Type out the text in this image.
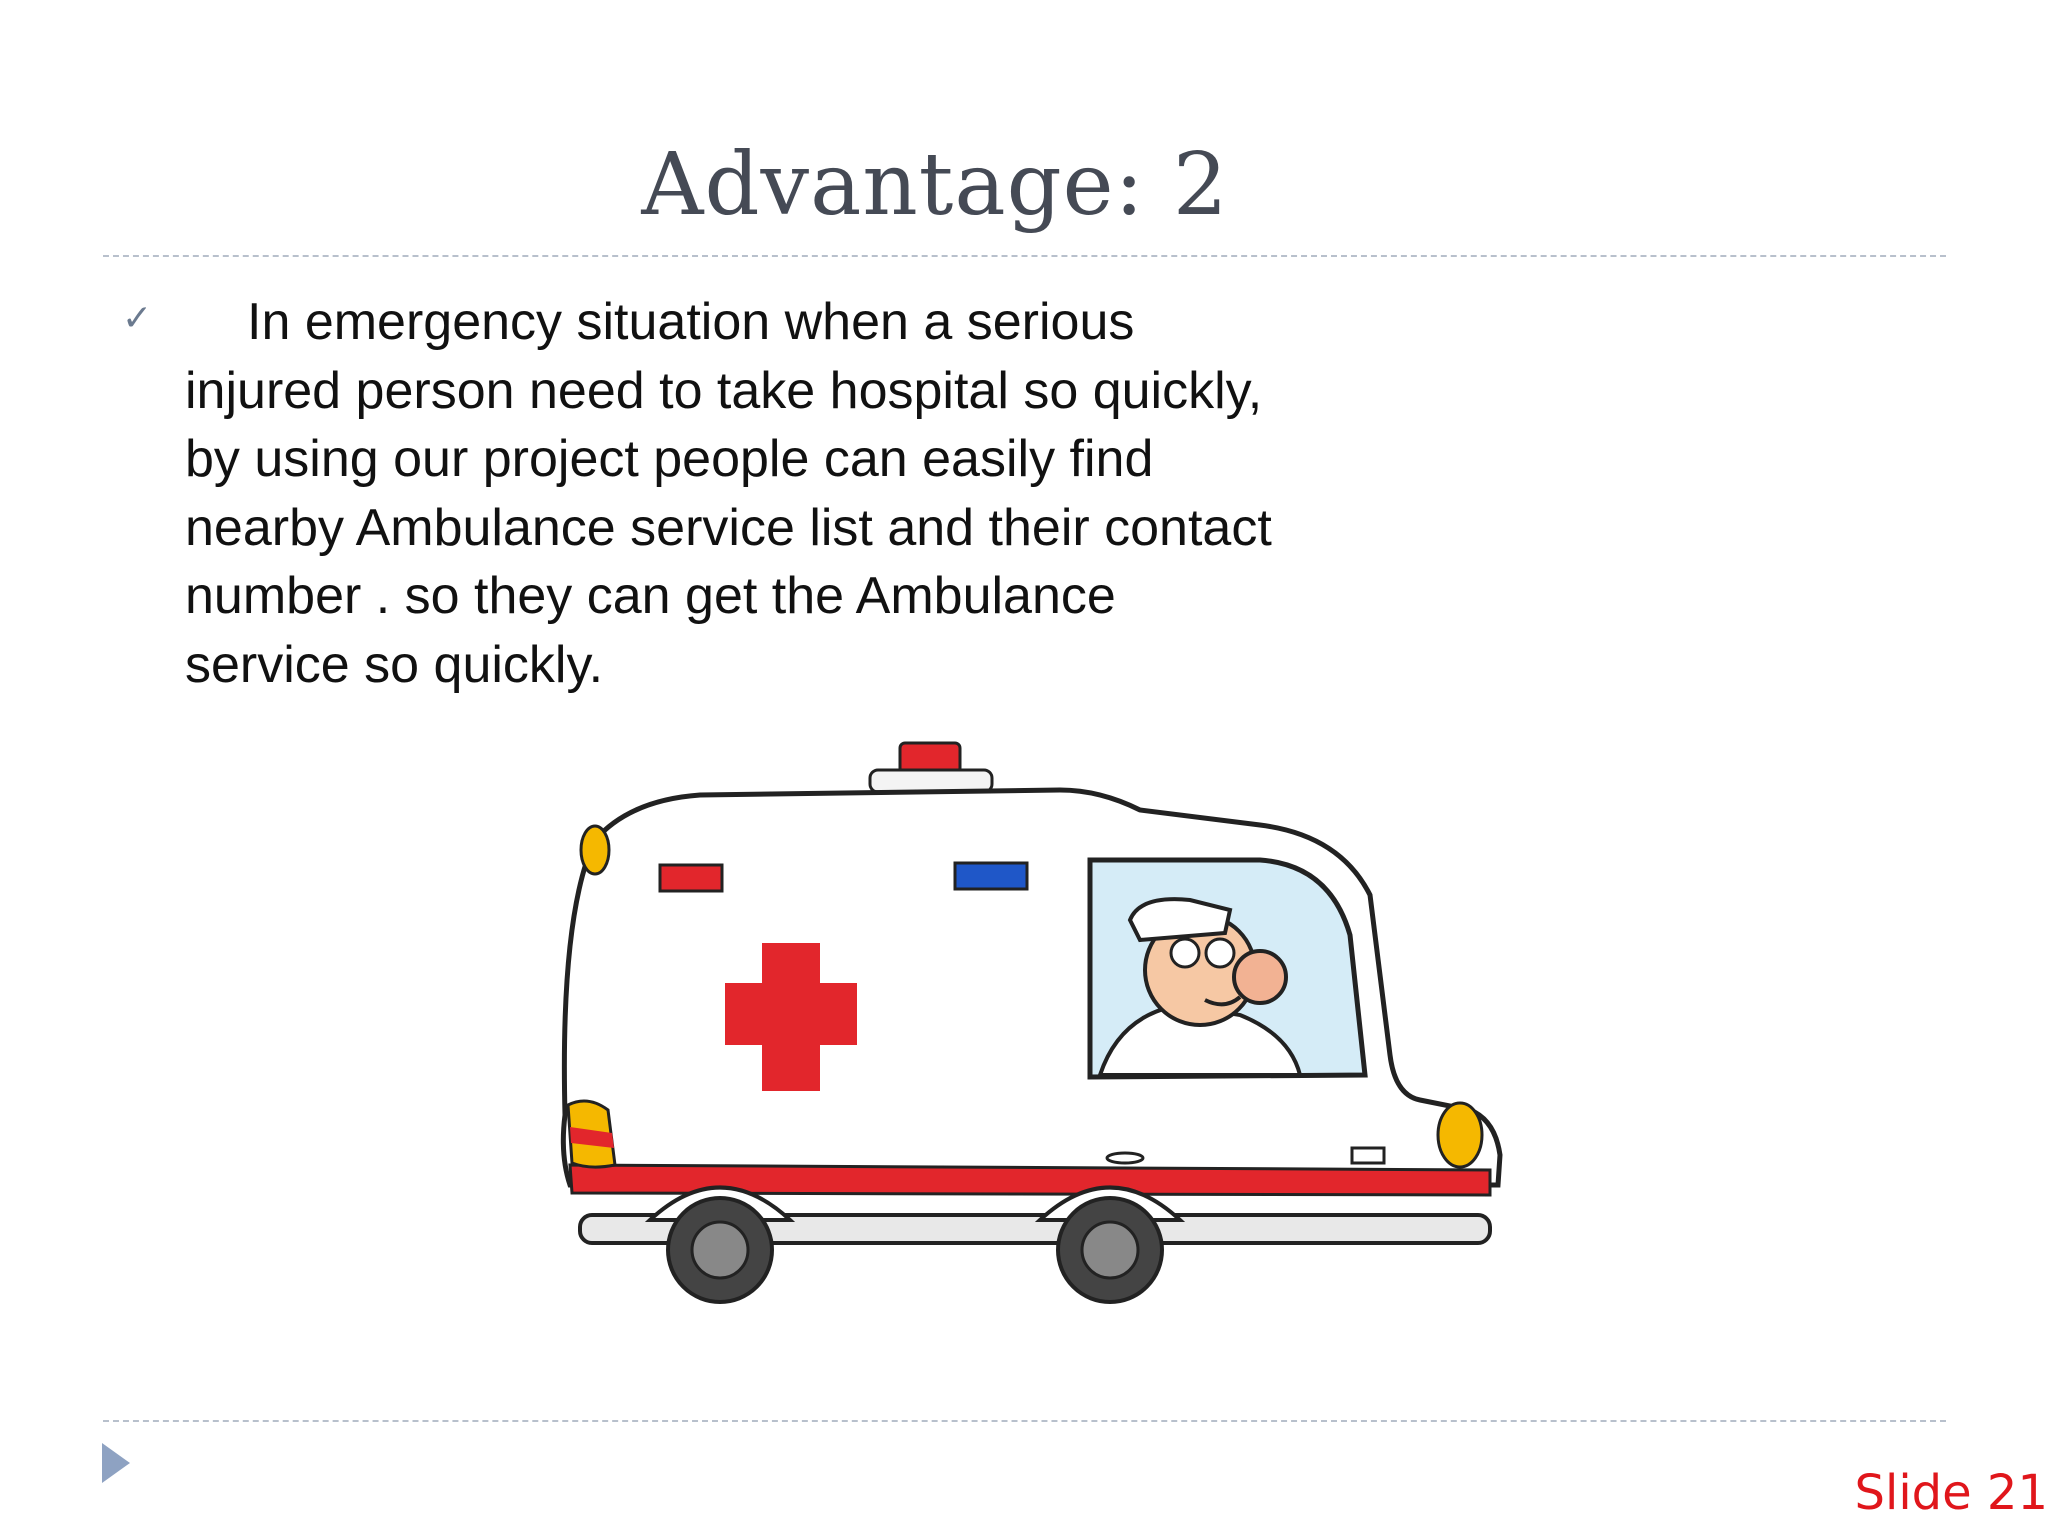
Advantage: 2
✓	In emergency situation when a serious
injured person need to take hospital so quickly,
by using our project people can easily find
nearby Ambulance service list and their contact
number . so they can get the Ambulance
service so quickly.

Slide 21
